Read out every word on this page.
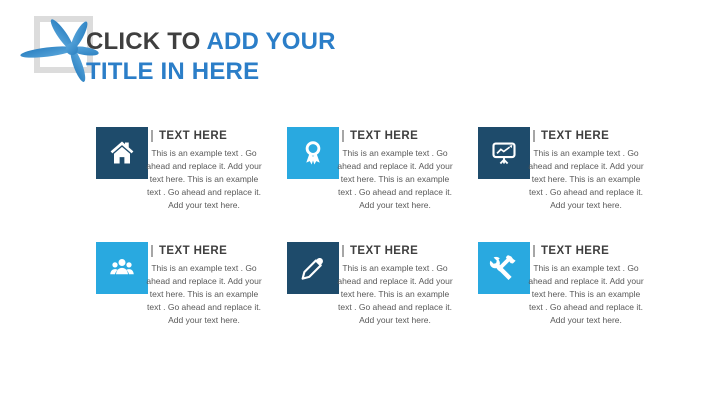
CLICK TO ADD YOUR
TITLE IN HERE
TEXT HERE
This is an example text . Go ahead and replace it. Add your text here. This is an example text . Go ahead and replace it. Add your text here.
TEXT HERE
This is an example text . Go ahead and replace it. Add your text here. This is an example text . Go ahead and replace it. Add your text here.
TEXT HERE
This is an example text . Go ahead and replace it. Add your text here. This is an example text . Go ahead and replace it. Add your text here.
TEXT HERE
This is an example text . Go ahead and replace it. Add your text here. This is an example text . Go ahead and replace it. Add your text here.
TEXT HERE
This is an example text . Go ahead and replace it. Add your text here. This is an example text . Go ahead and replace it. Add your text here.
TEXT HERE
This is an example text . Go ahead and replace it. Add your text here. This is an example text . Go ahead and replace it. Add your text here.
